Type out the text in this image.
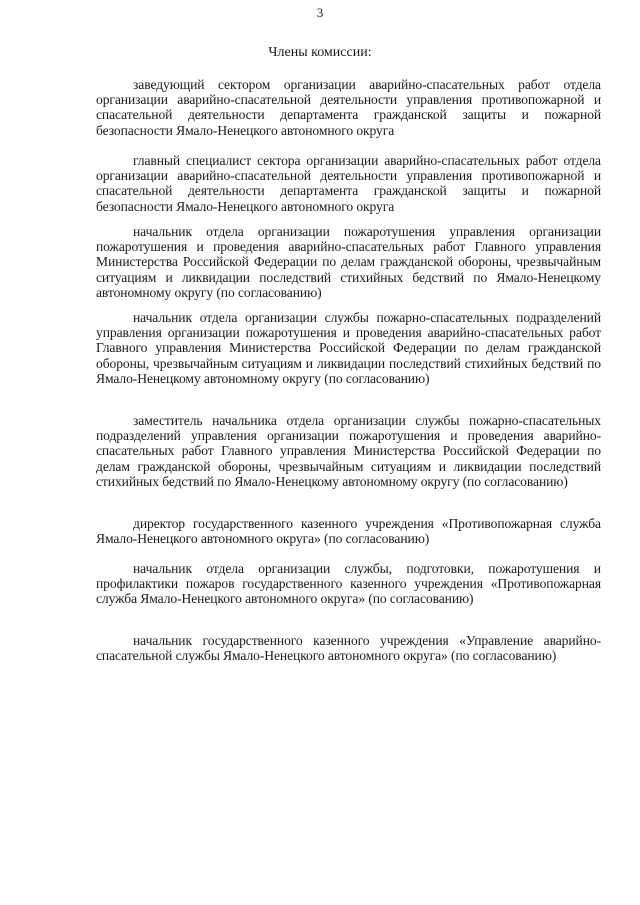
3
Члены комиссии:

заведующий сектором организации аварийно-спасательных работ отдела организации аварийно-спасательной деятельности управления противопожарной и спасательной деятельности департамента гражданской защиты и пожарной безопасности Ямало-Ненецкого автономного округа

главный специалист сектора организации аварийно-спасательных работ отдела организации аварийно-спасательной деятельности управления противопожарной и спасательной деятельности департамента гражданской защиты и пожарной безопасности Ямало-Ненецкого автономного округа

начальник отдела организации пожаротушения управления организации пожаротушения и проведения аварийно-спасательных работ Главного управления Министерства Российской Федерации по делам гражданской обороны, чрезвычайным ситуациям и ликвидации последствий стихийных бедствий по Ямало-Ненецкому автономному округу (по согласованию)

начальник отдела организации службы пожарно-спасательных подразделений управления организации пожаротушения и проведения аварийно-спасательных работ Главного управления Министерства Российской Федерации по делам гражданской обороны, чрезвычайным ситуациям и ликвидации последствий стихийных бедствий по Ямало-Ненецкому автономному округу (по согласованию)

заместитель начальника отдела организации службы пожарно-спасательных подразделений управления организации пожаротушения и проведения аварийно-спасательных работ Главного управления Министерства Российской Федерации по делам гражданской обороны, чрезвычайным ситуациям и ликвидации последствий стихийных бедствий по Ямало-Ненецкому автономному округу (по согласованию)

директор государственного казенного учреждения «Противопожарная служба Ямало-Ненецкого автономного округа» (по согласованию)

начальник отдела организации службы, подготовки, пожаротушения и профилактики пожаров государственного казенного учреждения «Противопожарная служба Ямало-Ненецкого автономного округа» (по согласованию)

начальник государственного казенного учреждения «Управление аварийно-спасательной службы Ямало-Ненецкого автономного округа» (по согласованию)
